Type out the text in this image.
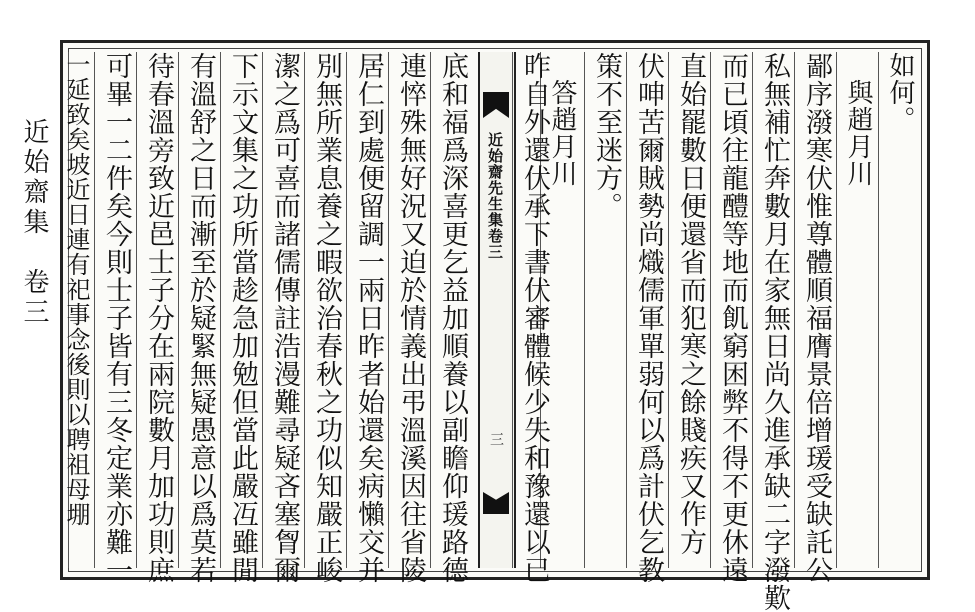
近始齋集　卷三
如何。
　與趙月川
鄙序潑寒伏惟尊體順福膺景倍增瑗受缺託公
私無補忙奔數月在家無日尚久進承缺二字潑歎
而已頃往龍醴等地而飢窮困弊不得不更休遠
直始罷數日便還省而犯寒之餘賤疾又作方
伏呻苦爾賊勢尚熾儒軍單弱何以爲計伏乞教
策不至迷方。
　答趙月川
近始齋先生集卷三
三 昨自外還伏承下書伏審體候少失和豫還以已
底和福爲深喜更乞益加順養以副瞻仰瑗路德
連悴殊無好況又迫於情義出弔溫溪因往省陵
居仁到處便留調一兩日昨者始還矣病懶交并
別無所業息養之暇欲治春秋之功似知嚴正峻
潔之爲可喜而諸儒傳註浩漫難尋疑吝塞胷爾
下示文集之功所當趁急加勉但當此嚴冱雖閒
有溫舒之日而漸至於疑緊無疑愚意以爲莫若
待春溫旁致近邑士子分在兩院數月加功則庶
可畢一二件矣今則士子皆有三冬定業亦難一
一延致矣坡近日連有祀事念後則以聘祖母堋
